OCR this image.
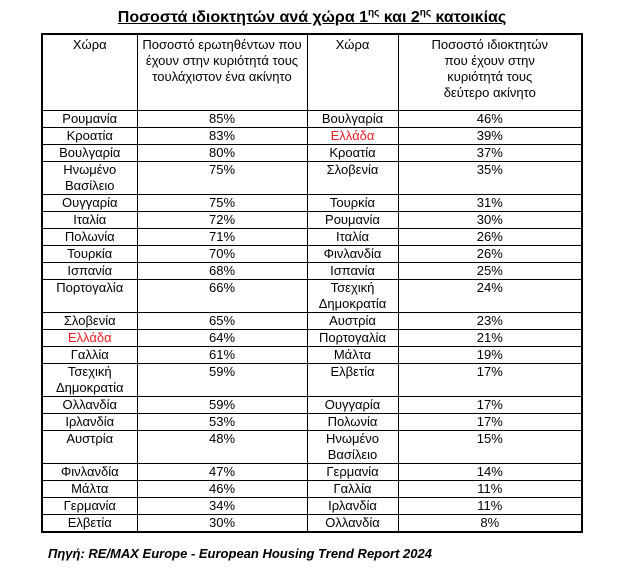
Ποσοστά ιδιοκτητών ανά χώρα $1^{\eta\varsigma}$ και $2^{\eta\varsigma}$ κατοικίας
Χώρα	Ποσοστό ερωτηθέντων που έχουν στην κυριότητά τους τουλάχιστον ένα ακίνητο	Χώρα	Ποσοστό ιδιοκτητών που έχουν στην κυριότητά τους δεύτερο ακίνητο
Ρουμανία	85%	Βουλγαρία	46%
Κροατία	83%	Ελλάδα	39%
Βουλγαρία	80%	Κροατία	37%
Ηνωμένο Βασίλειο	75%	Σλοβενία	35%
Ουγγαρία	75%	Τουρκία	31%
Ιταλία	72%	Ρουμανία	30%
Πολωνία	71%	Ιταλία	26%
Τουρκία	70%	Φινλανδία	26%
Ισπανία	68%	Ισπανία	25%
Πορτογαλία	66%	Τσεχική Δημοκρατία	24%
Σλοβενία	65%	Αυστρία	23%
Ελλάδα	64%	Πορτογαλία	21%
Γαλλία	61%	Μάλτα	19%
Τσεχική Δημοκρατία	59%	Ελβετία	17%
Ολλανδία	59%	Ουγγαρία	17%
Ιρλανδία	53%	Πολωνία	17%
Αυστρία	48%	Ηνωμένο Βασίλειο	15%
Φινλανδία	47%	Γερμανία	14%
Μάλτα	46%	Γαλλία	11%
Γερμανία	34%	Ιρλανδία	11%
Ελβετία	30%	Ολλανδία	8%
Πηγή: RE/MAX Europe - European Housing Trend Report 2024
